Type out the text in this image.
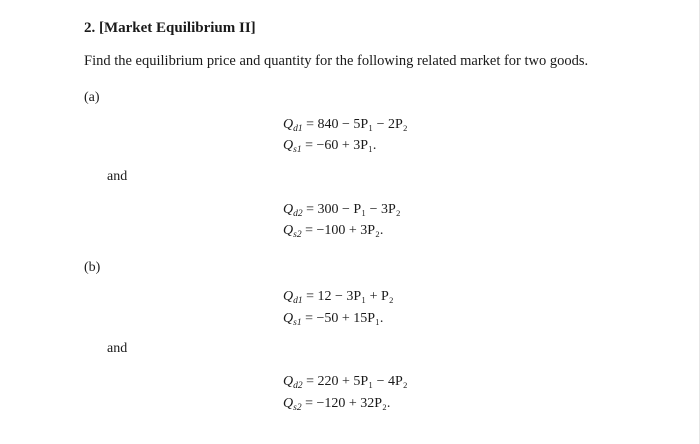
2. [Market Equilibrium II]
Find the equilibrium price and quantity for the following related market for two goods.
(a)
$Q_{d1} = 840 - 5P_1 - 2P_2$
$Q_{s1} = -60 + 3P_1$.
and
$Q_{d2} = 300 - P_1 - 3P_2$
$Q_{s2} = -100 + 3P_2$.
(b)
$Q_{d1} = 12 - 3P_1 + P_2$
$Q_{s1} = -50 + 15P_1$.
and
$Q_{d2} = 220 + 5P_1 - 4P_2$
$Q_{s2} = -120 + 32P_2$.
